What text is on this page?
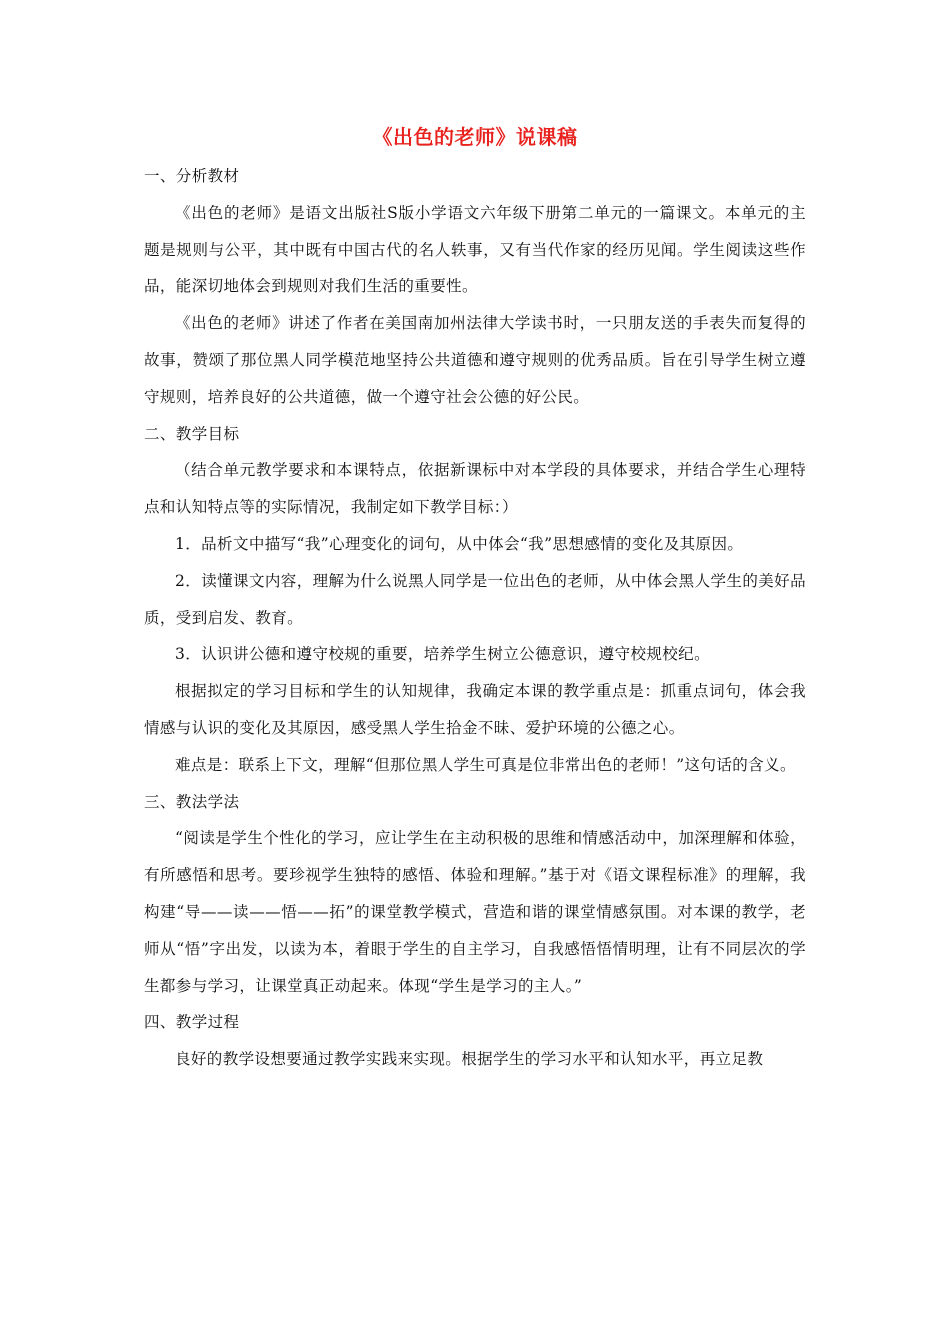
《出色的老师》说课稿

一、分析教材

《出色的老师》是语文出版社S版小学语文六年级下册第二单元的一篇课文。本单元的主题是规则与公平，其中既有中国古代的名人轶事，又有当代作家的经历见闻。学生阅读这些作品，能深切地体会到规则对我们生活的重要性。

《出色的老师》讲述了作者在美国南加州法律大学读书时，一只朋友送的手表失而复得的故事，赞颂了那位黑人同学模范地坚持公共道德和遵守规则的优秀品质。旨在引导学生树立遵守规则，培养良好的公共道德，做一个遵守社会公德的好公民。

二、教学目标

（结合单元教学要求和本课特点，依据新课标中对本学段的具体要求，并结合学生心理特点和认知特点等的实际情况，我制定如下教学目标：）

1．品析文中描写“我”心理变化的词句，从中体会“我”思想感情的变化及其原因。

2．读懂课文内容，理解为什么说黑人同学是一位出色的老师，从中体会黑人学生的美好品质，受到启发、教育。

3．认识讲公德和遵守校规的重要，培养学生树立公德意识，遵守校规校纪。

根据拟定的学习目标和学生的认知规律，我确定本课的教学重点是：抓重点词句，体会我情感与认识的变化及其原因，感受黑人学生拾金不昧、爱护环境的公德之心。

难点是：联系上下文，理解“但那位黑人学生可真是位非常出色的老师！”这句话的含义。

三、教法学法

“阅读是学生个性化的学习，应让学生在主动积极的思维和情感活动中，加深理解和体验，有所感悟和思考。要珍视学生独特的感悟、体验和理解。”基于对《语文课程标准》的理解，我构建“导——读——悟——拓”的课堂教学模式，营造和谐的课堂情感氛围。对本课的教学，老师从“悟”字出发，以读为本，着眼于学生的自主学习，自我感悟悟情明理，让有不同层次的学生都参与学习，让课堂真正动起来。体现“学生是学习的主人。”

四、教学过程

良好的教学设想要通过教学实践来实现。根据学生的学习水平和认知水平，再立足教
